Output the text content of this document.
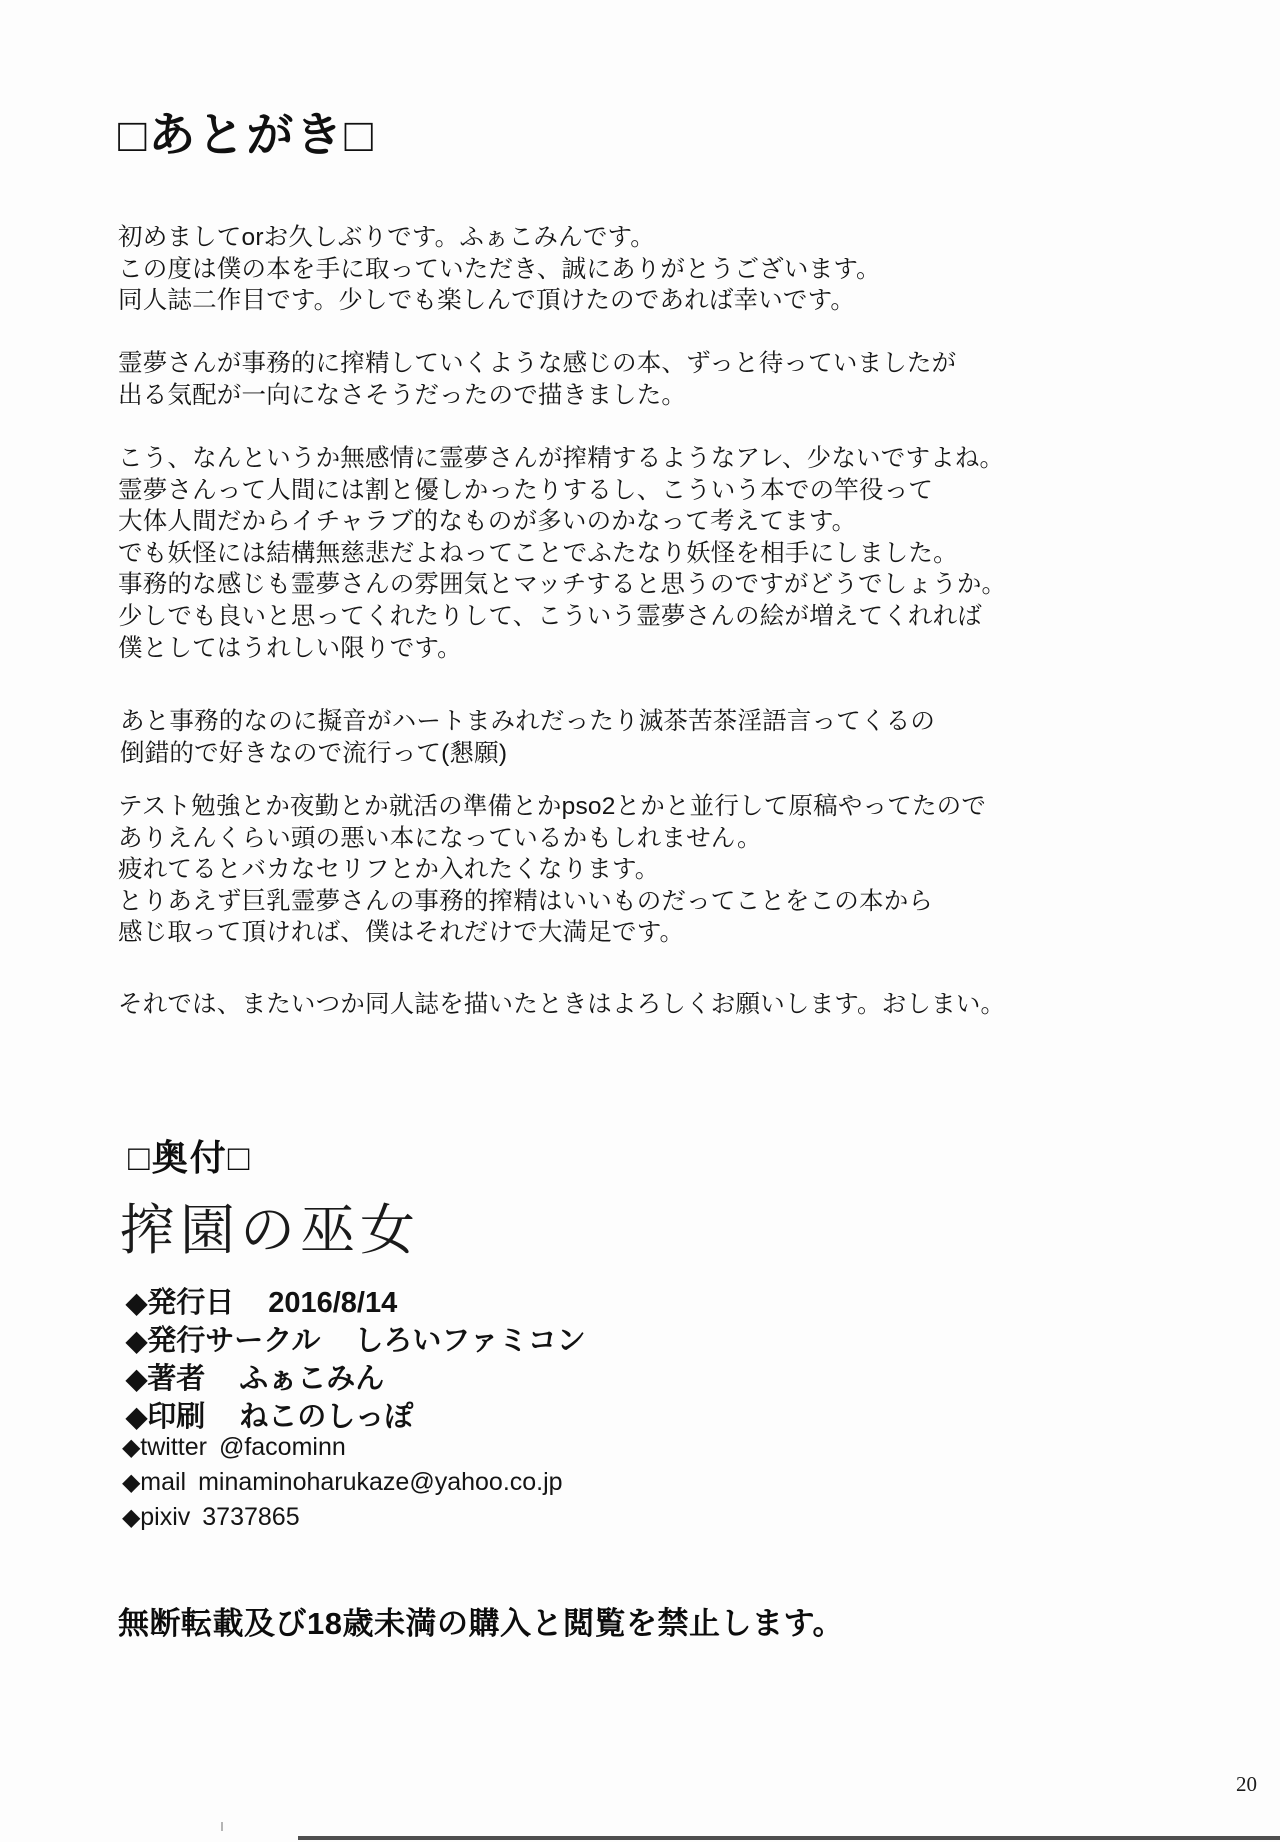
□あとがき□
初めましてorお久しぶりです。ふぁこみんです。
この度は僕の本を手に取っていただき、誠にありがとうございます。
同人誌二作目です。少しでも楽しんで頂けたのであれば幸いです。
霊夢さんが事務的に搾精していくような感じの本、ずっと待っていましたが
出る気配が一向になさそうだったので描きました。
こう、なんというか無感情に霊夢さんが搾精するようなアレ、少ないですよね。
霊夢さんって人間には割と優しかったりするし、こういう本での竿役って
大体人間だからイチャラブ的なものが多いのかなって考えてます。
でも妖怪には結構無慈悲だよねってことでふたなり妖怪を相手にしました。
事務的な感じも霊夢さんの雰囲気とマッチすると思うのですがどうでしょうか。
少しでも良いと思ってくれたりして、こういう霊夢さんの絵が増えてくれれば
僕としてはうれしい限りです。
あと事務的なのに擬音がハートまみれだったり滅茶苦茶淫語言ってくるの
倒錯的で好きなので流行って(懇願)
テスト勉強とか夜勤とか就活の準備とかpso2とかと並行して原稿やってたので
ありえんくらい頭の悪い本になっているかもしれません。
疲れてるとバカなセリフとか入れたくなります。
とりあえず巨乳霊夢さんの事務的搾精はいいものだってことをこの本から
感じ取って頂ければ、僕はそれだけで大満足です。
それでは、またいつか同人誌を描いたときはよろしくお願いします。おしまい。
□奥付□
搾園の巫女
◆発行日 2016/8/14
◆発行サークル しろいファミコン
◆著者 ふぁこみん
◆印刷 ねこのしっぽ
◆twitter @facominn
◆mail minaminoharukaze@yahoo.co.jp
◆pixiv 3737865
無断転載及び18歳未満の購入と閲覧を禁止します。
20
